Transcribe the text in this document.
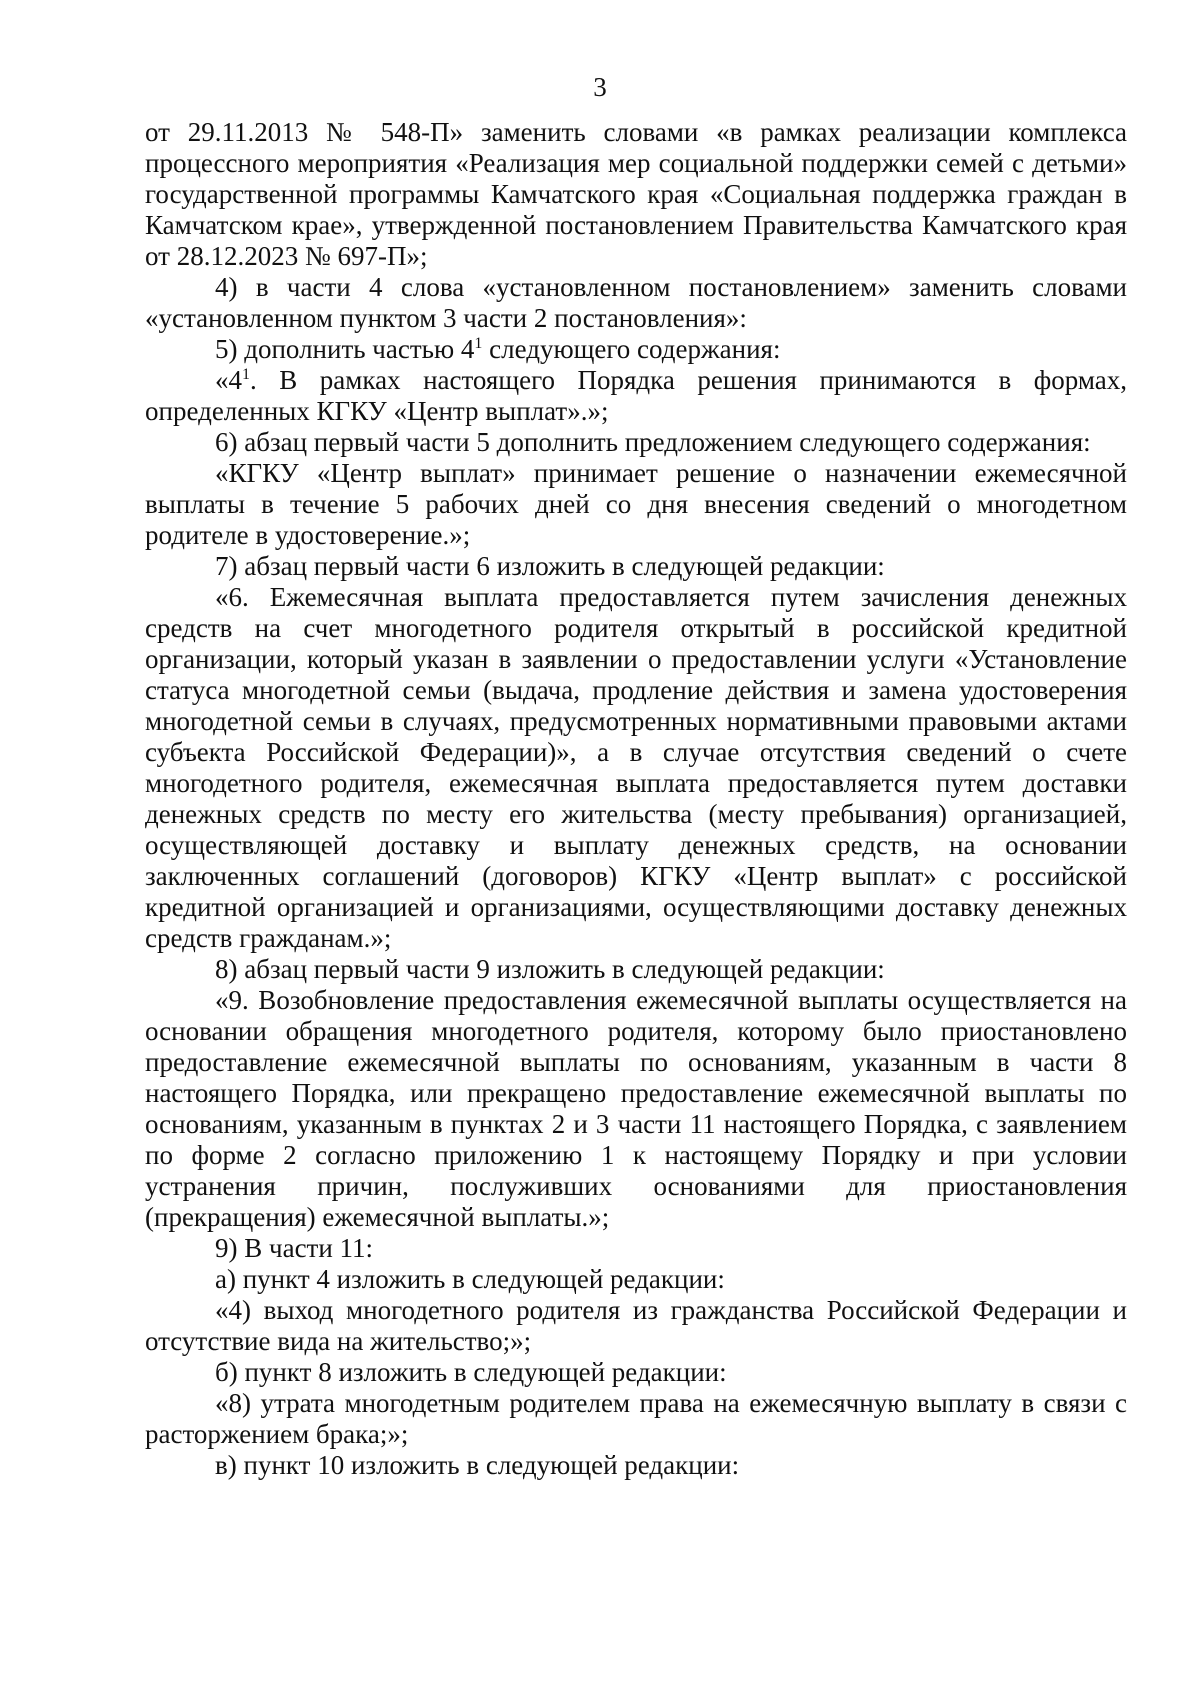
3

от 29.11.2013 № 548-П» заменить словами «в рамках реализации комплекса процессного мероприятия «Реализация мер социальной поддержки семей с детьми» государственной программы Камчатского края «Социальная поддержка граждан в Камчатском крае», утвержденной постановлением Правительства Камчатского края от 28.12.2023 № 697-П»;

4) в части 4 слова «установленном постановлением» заменить словами «установленном пунктом 3 части 2 постановления»:

5) дополнить частью $4^1$ следующего содержания:

«$4^1$. В рамках настоящего Порядка решения принимаются в формах, определенных КГКУ «Центр выплат».»;

6) абзац первый части 5 дополнить предложением следующего содержания:

«КГКУ «Центр выплат» принимает решение о назначении ежемесячной выплаты в течение 5 рабочих дней со дня внесения сведений о многодетном родителе в удостоверение.»;

7) абзац первый части 6 изложить в следующей редакции:

«6. Ежемесячная выплата предоставляется путем зачисления денежных средств на счет многодетного родителя открытый в российской кредитной организации, который указан в заявлении о предоставлении услуги «Установление статуса многодетной семьи (выдача, продление действия и замена удостоверения многодетной семьи в случаях, предусмотренных нормативными правовыми актами субъекта Российской Федерации)», а в случае отсутствия сведений о счете многодетного родителя, ежемесячная выплата предоставляется путем доставки денежных средств по месту его жительства (месту пребывания) организацией, осуществляющей доставку и выплату денежных средств, на основании заключенных соглашений (договоров) КГКУ «Центр выплат» с российской кредитной организацией и организациями, осуществляющими доставку денежных средств гражданам.»;

8) абзац первый части 9 изложить в следующей редакции:

«9. Возобновление предоставления ежемесячной выплаты осуществляется на основании обращения многодетного родителя, которому было приостановлено предоставление ежемесячной выплаты по основаниям, указанным в части 8 настоящего Порядка, или прекращено предоставление ежемесячной выплаты по основаниям, указанным в пунктах 2 и 3 части 11 настоящего Порядка, с заявлением по форме 2 согласно приложению 1 к настоящему Порядку и при условии устранения причин, послуживших основаниями для приостановления (прекращения) ежемесячной выплаты.»;

9) В части 11:

а) пункт 4 изложить в следующей редакции:

«4) выход многодетного родителя из гражданства Российской Федерации и отсутствие вида на жительство;»;

б) пункт 8 изложить в следующей редакции:

«8) утрата многодетным родителем права на ежемесячную выплату в связи с расторжением брака;»;

в) пункт 10 изложить в следующей редакции:
